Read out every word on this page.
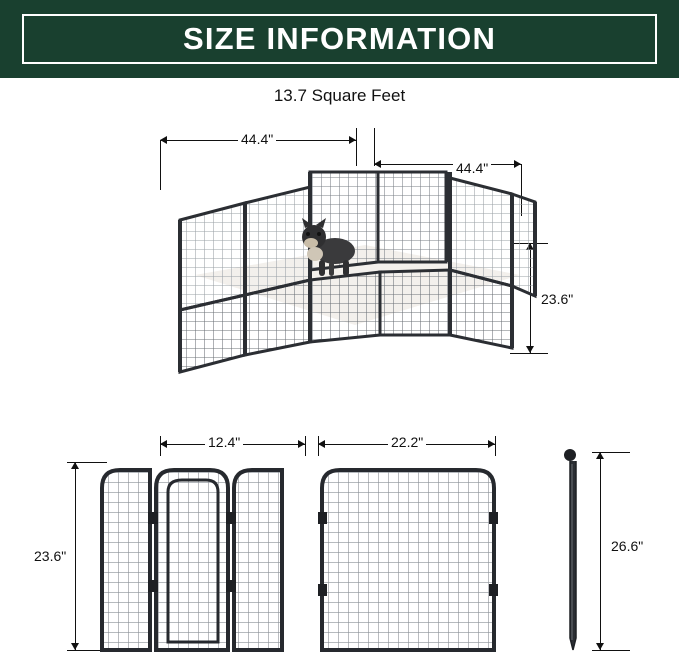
SIZE INFORMATION
13.7 Square Feet
44.4"
44.4"
23.6"
12.4"	22.2"
23.6"
26.6"
